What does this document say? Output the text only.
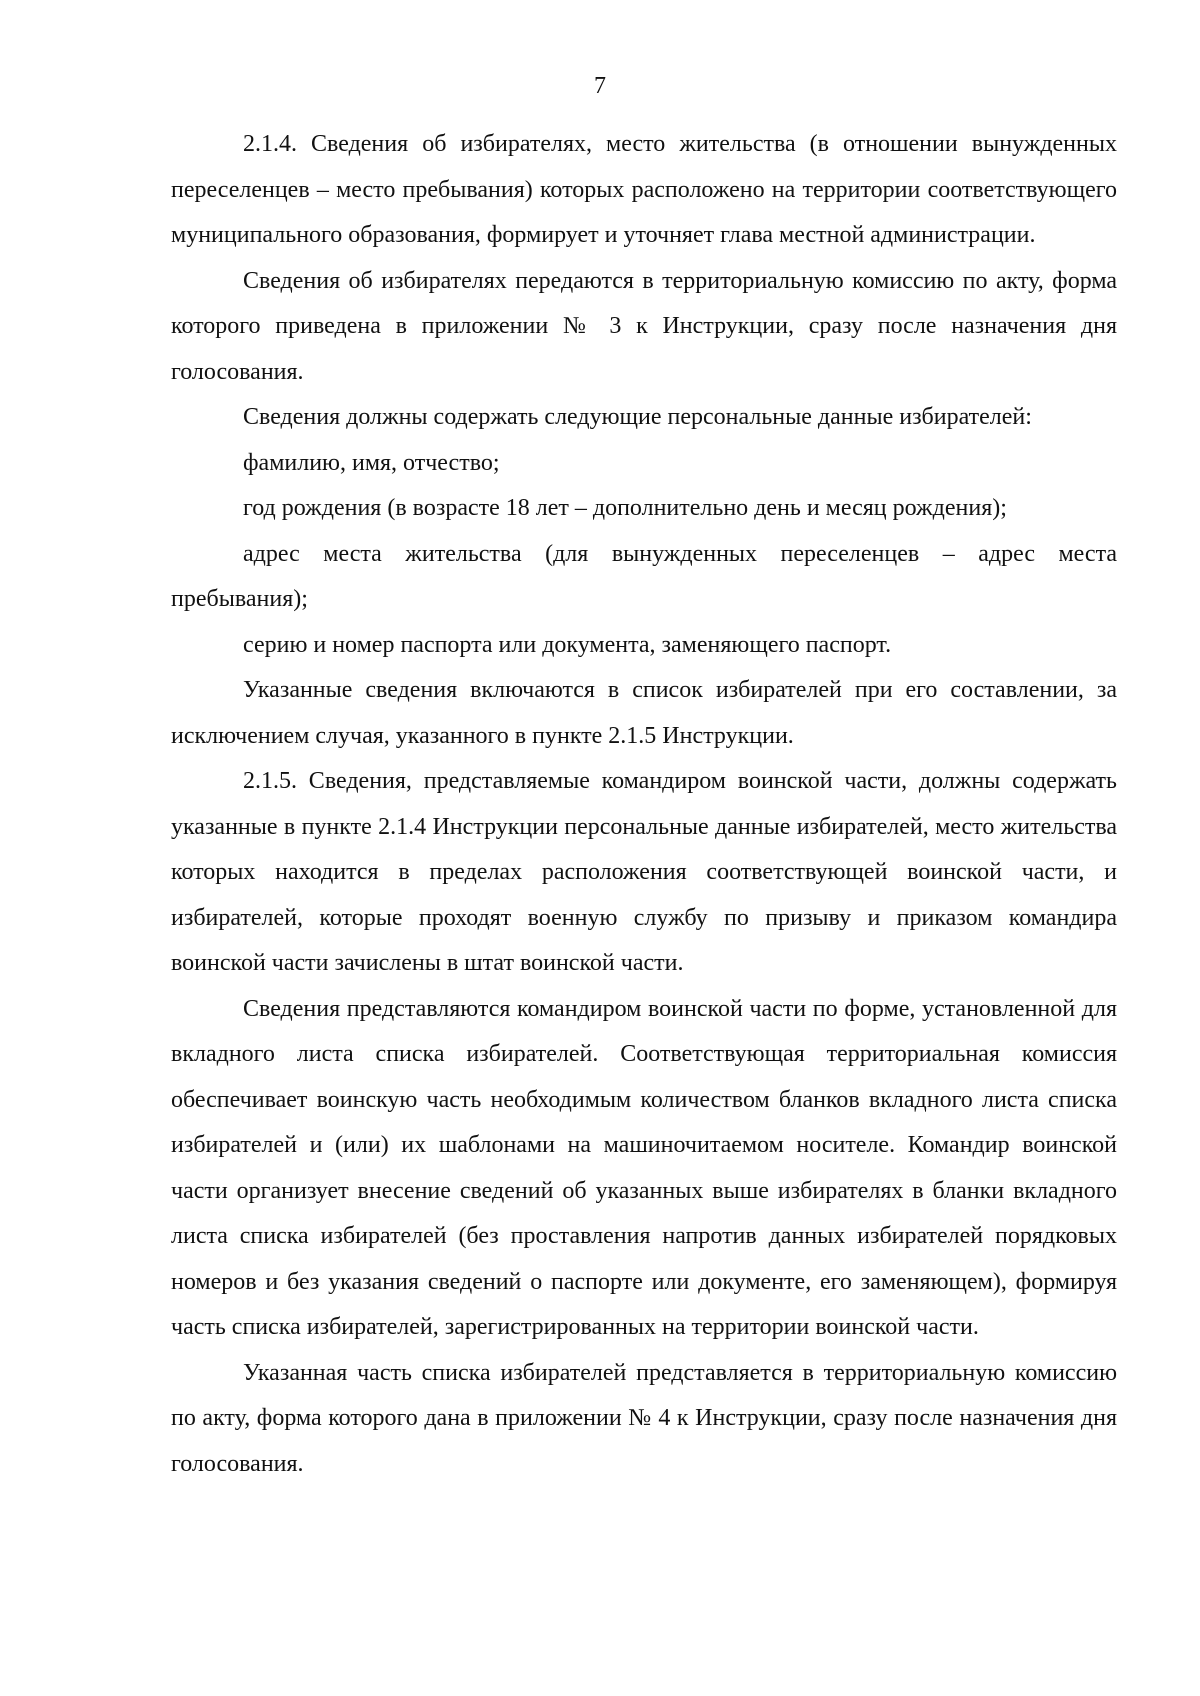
7

2.1.4. Сведения об избирателях, место жительства (в отношении вынужденных переселенцев – место пребывания) которых расположено на территории соответствующего муниципального образования, формирует и уточняет глава местной администрации.

Сведения об избирателях передаются в территориальную комиссию по акту, форма которого приведена в приложении № 3 к Инструкции, сразу после назначения дня голосования.

Сведения должны содержать следующие персональные данные избирателей:

фамилию, имя, отчество;

год рождения (в возрасте 18 лет – дополнительно день и месяц рождения);

адрес места жительства (для вынужденных переселенцев – адрес места пребывания);

серию и номер паспорта или документа, заменяющего паспорт.

Указанные сведения включаются в список избирателей при его составлении, за исключением случая, указанного в пункте 2.1.5 Инструкции.

2.1.5. Сведения, представляемые командиром воинской части, должны содержать указанные в пункте 2.1.4 Инструкции персональные данные избирателей, место жительства которых находится в пределах расположения соответствующей воинской части, и избирателей, которые проходят военную службу по призыву и приказом командира воинской части зачислены в штат воинской части.

Сведения представляются командиром воинской части по форме, установленной для вкладного листа списка избирателей. Соответствующая территориальная комиссия обеспечивает воинскую часть необходимым количеством бланков вкладного листа списка избирателей и (или) их шаблонами на машиночитаемом носителе. Командир воинской части организует внесение сведений об указанных выше избирателях в бланки вкладного листа списка избирателей (без проставления напротив данных избирателей порядковых номеров и без указания сведений о паспорте или документе, его заменяющем), формируя часть списка избирателей, зарегистрированных на территории воинской части.

Указанная часть списка избирателей представляется в территориальную комиссию по акту, форма которого дана в приложении № 4 к Инструкции, сразу после назначения дня голосования.
